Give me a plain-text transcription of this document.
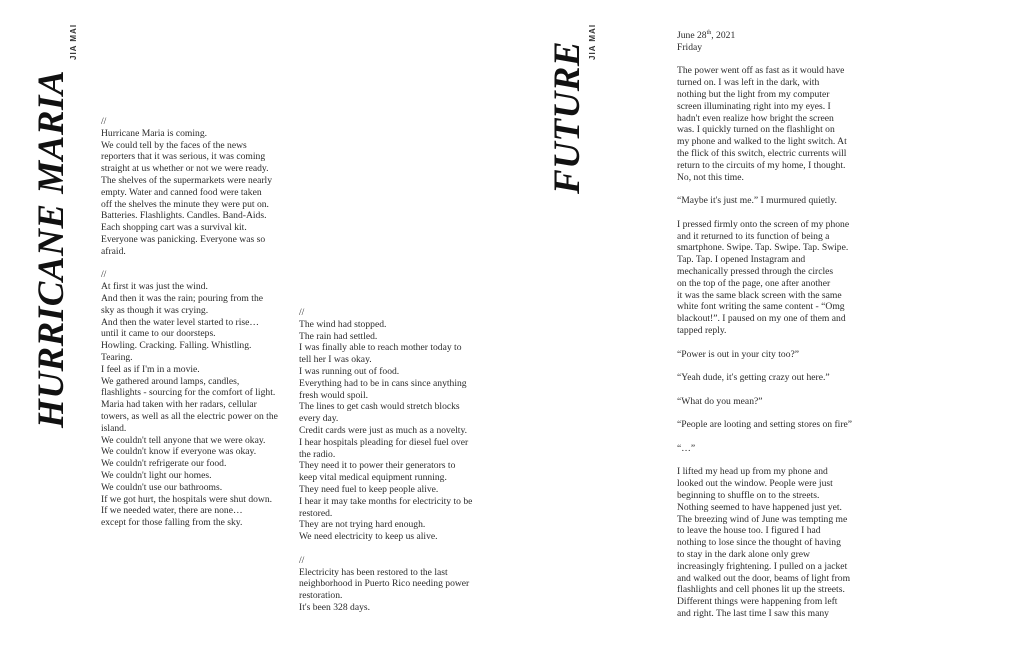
HURRICANE MARIA
JIA MAI
//
Hurricane Maria is coming.
We could tell by the faces of the news
reporters that it was serious, it was coming
straight at us whether or not we were ready.
The shelves of the supermarkets were nearly
empty. Water and canned food were taken
off the shelves the minute they were put on.
Batteries. Flashlights. Candles. Band-Aids.
Each shopping cart was a survival kit.
Everyone was panicking. Everyone was so
afraid.
//
At first it was just the wind.
And then it was the rain; pouring from the
sky as though it was crying.
And then the water level started to rise…
until it came to our doorsteps.
Howling. Cracking. Falling. Whistling.
Tearing.
I feel as if I'm in a movie.
We gathered around lamps, candles,
flashlights - sourcing for the comfort of light.
Maria had taken with her radars, cellular
towers, as well as all the electric power on the
island.
We couldn't tell anyone that we were okay.
We couldn't know if everyone was okay.
We couldn't refrigerate our food.
We couldn't light our homes.
We couldn't use our bathrooms.
If we got hurt, the hospitals were shut down.
If we needed water, there are none…
except for those falling from the sky.
//
The wind had stopped.
The rain had settled.
I was finally able to reach mother today to
tell her I was okay.
I was running out of food.
Everything had to be in cans since anything
fresh would spoil.
The lines to get cash would stretch blocks
every day.
Credit cards were just as much as a novelty.
I hear hospitals pleading for diesel fuel over
the radio.
They need it to power their generators to
keep vital medical equipment running.
They need fuel to keep people alive.
I hear it may take months for electricity to be
restored.
They are not trying hard enough.
We need electricity to keep us alive.
//
Electricity has been restored to the last
neighborhood in Puerto Rico needing power
restoration.
It's been 328 days.
FUTURE JIA MAI	June 28th, 2021
Friday
The power went off as fast as it would have
turned on. I was left in the dark, with
nothing but the light from my computer
screen illuminating right into my eyes. I
hadn't even realize how bright the screen
was. I quickly turned on the flashlight on
my phone and walked to the light switch. At
the flick of this switch, electric currents will
return to the circuits of my home, I thought.
No, not this time.
“Maybe it's just me.” I murmured quietly.
I pressed firmly onto the screen of my phone
and it returned to its function of being a
smartphone. Swipe. Tap. Swipe. Tap. Swipe.
Tap. Tap. I opened Instagram and
mechanically pressed through the circles
on the top of the page, one after another
it was the same black screen with the same
white font writing the same content - “Omg
blackout!”. I paused on my one of them and
tapped reply.
“Power is out in your city too?”
“Yeah dude, it's getting crazy out here.”
“What do you mean?”
“People are looting and setting stores on fire”
“…”
I lifted my head up from my phone and
looked out the window. People were just
beginning to shuffle on to the streets.
Nothing seemed to have happened just yet.
The breezing wind of June was tempting me
to leave the house too. I figured I had
nothing to lose since the thought of having
to stay in the dark alone only grew
increasingly frightening. I pulled on a jacket
and walked out the door, beams of light from
flashlights and cell phones lit up the streets.
Different things were happening from left
and right. The last time I saw this many
